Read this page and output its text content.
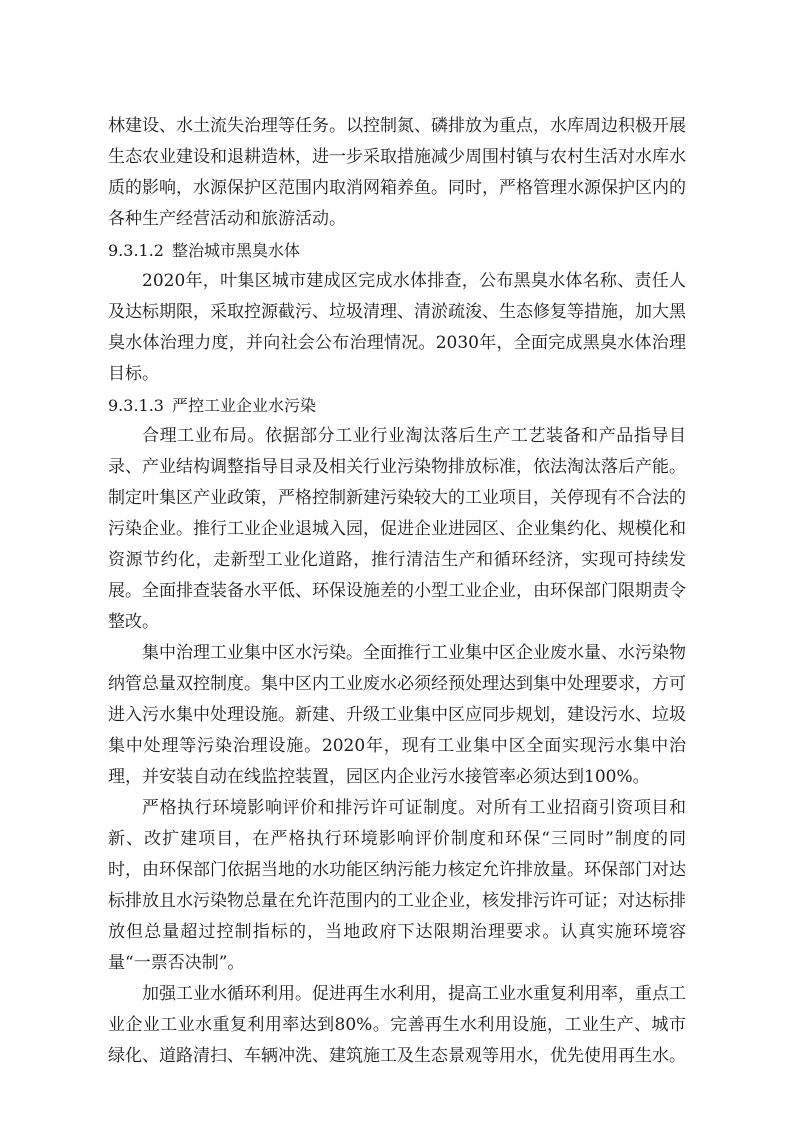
林建设、水土流失治理等任务。以控制氮、磷排放为重点，水库周边积极开展生态农业建设和退耕造林，进一步采取措施减少周围村镇与农村生活对水库水质的影响，水源保护区范围内取消网箱养鱼。同时，严格管理水源保护区内的各种生产经营活动和旅游活动。

9.3.1.2 整治城市黑臭水体

2020年，叶集区城市建成区完成水体排查，公布黑臭水体名称、责任人及达标期限，采取控源截污、垃圾清理、清淤疏浚、生态修复等措施，加大黑臭水体治理力度，并向社会公布治理情况。2030年，全面完成黑臭水体治理目标。

9.3.1.3 严控工业企业水污染

合理工业布局。依据部分工业行业淘汰落后生产工艺装备和产品指导目录、产业结构调整指导目录及相关行业污染物排放标准，依法淘汰落后产能。制定叶集区产业政策，严格控制新建污染较大的工业项目，关停现有不合法的污染企业。推行工业企业退城入园，促进企业进园区、企业集约化、规模化和资源节约化，走新型工业化道路，推行清洁生产和循环经济，实现可持续发展。全面排查装备水平低、环保设施差的小型工业企业，由环保部门限期责令整改。

集中治理工业集中区水污染。全面推行工业集中区企业废水量、水污染物纳管总量双控制度。集中区内工业废水必须经预处理达到集中处理要求，方可进入污水集中处理设施。新建、升级工业集中区应同步规划，建设污水、垃圾集中处理等污染治理设施。2020年，现有工业集中区全面实现污水集中治理，并安装自动在线监控装置，园区内企业污水接管率必须达到100%。

严格执行环境影响评价和排污许可证制度。对所有工业招商引资项目和新、改扩建项目，在严格执行环境影响评价制度和环保“三同时”制度的同时，由环保部门依据当地的水功能区纳污能力核定允许排放量。环保部门对达标排放且水污染物总量在允许范围内的工业企业，核发排污许可证；对达标排放但总量超过控制指标的，当地政府下达限期治理要求。认真实施环境容量“一票否决制”。

加强工业水循环利用。促进再生水利用，提高工业水重复利用率，重点工业企业工业水重复利用率达到80%。完善再生水利用设施，工业生产、城市绿化、道路清扫、车辆冲洗、建筑施工及生态景观等用水，优先使用再生水。
